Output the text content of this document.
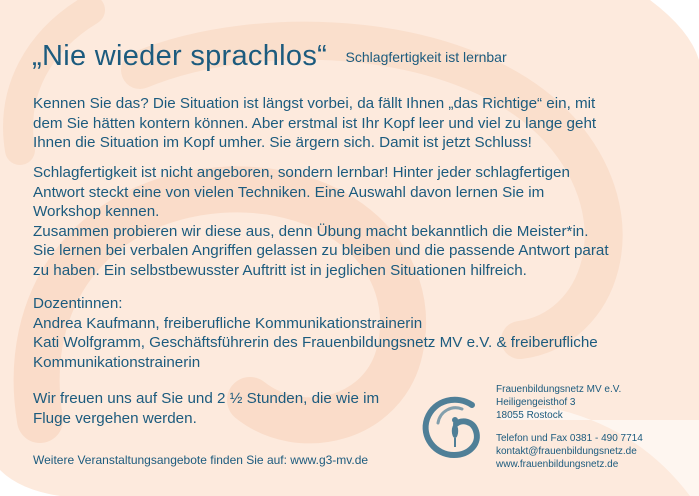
„Nie wieder sprachlos“ Schlagfertigkeit ist lernbar

Kennen Sie das? Die Situation ist längst vorbei, da fällt Ihnen „das Richtige“ ein, mit

dem Sie hätten kontern können. Aber erstmal ist Ihr Kopf leer und viel zu lange geht

Ihnen die Situation im Kopf umher. Sie ärgern sich. Damit ist jetzt Schluss!

Schlagfertigkeit ist nicht angeboren, sondern lernbar! Hinter jeder schlagfertigen

Antwort steckt eine von vielen Techniken. Eine Auswahl davon lernen Sie im

Workshop kennen.

Zusammen probieren wir diese aus, denn Übung macht bekanntlich die Meister*in.

Sie lernen bei verbalen Angriffen gelassen zu bleiben und die passende Antwort parat

zu haben. Ein selbstbewusster Auftritt ist in jeglichen Situationen hilfreich.

Dozentinnen:

Andrea Kaufmann, freiberufliche Kommunikationstrainerin

Kati Wolfgramm, Geschäftsführerin des Frauenbildungsnetz MV e.V. & freiberufliche

Kommunikationstrainerin

Wir freuen uns auf Sie und 2 ½ Stunden, die wie im

Fluge vergehen werden.

Weitere Veranstaltungsangebote finden Sie auf: www.g3-mv.de
Frauenbildungsnetz MV e.V.
Heiligengeisthof 3
18055 Rostock
Telefon und Fax 0381 - 490 7714
kontakt@frauenbildungsnetz.de
www.frauenbildungsnetz.de
